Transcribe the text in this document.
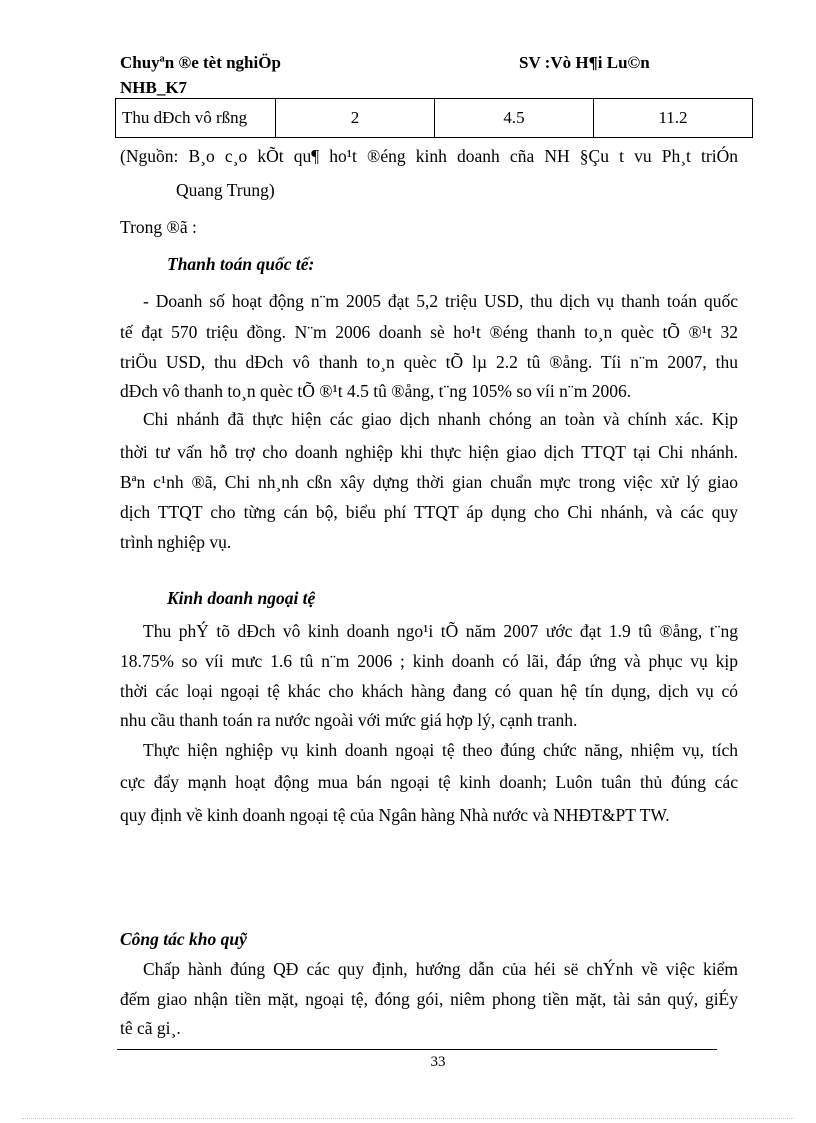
Chuyªn ®e tèt nghiÖp
NHB_K7
SV :Vò H¶i Lu©n
Thu dÐch vô rßng	2	4.5	11.2
(Nguồn: B¸o c¸o kÕt qu¶ ho¹t ®éng kinh doanh cña NH §Çu t vu Ph¸t triÓn
Quang Trung)
Trong ®ã :
Thanh toán quốc tế:
- Doanh số hoạt động n¨m 2005 đạt 5,2 triệu USD, thu dịch vụ thanh toán quốc
tế đạt 570 triệu đồng. N¨m 2006 doanh sè ho¹t ®éng thanh to¸n quèc tÕ ®¹t 32
triÖu USD, thu dÐch vô thanh to¸n quèc tÕ lµ 2.2 tû ®ång. Tíi n¨m 2007, thu
dÐch vô thanh to¸n quèc tÕ ®¹t 4.5 tû ®ång, t¨ng 105% so víi n¨m 2006.
Chi nhánh đã thực hiện các giao dịch nhanh chóng an toàn và chính xác. Kịp
thời tư vấn hỗ trợ cho doanh nghiệp khi thực hiện giao dịch TTQT tại Chi nhánh.
Bªn c¹nh ®ã, Chi nh¸nh cßn xây dựng thời gian chuẩn mực trong việc xử lý giao
dịch TTQT cho từng cán bộ, biểu phí TTQT áp dụng cho Chi nhánh, và các quy
trình nghiệp vụ.
Kinh doanh ngoại tệ
Thu phÝ tõ dÐch vô kinh doanh ngo¹i tÕ năm 2007 ước đạt 1.9 tû ®ång, t¨ng
18.75% so víi mưc 1.6 tû n¨m 2006 ; kinh doanh có lãi, đáp ứng và phục vụ kịp
thời các loại ngoại tệ khác cho khách hàng đang có quan hệ tín dụng, dịch vụ có
nhu cầu thanh toán ra nước ngoài với mức giá hợp lý, cạnh tranh.
Thực hiện nghiệp vụ kinh doanh ngoại tệ theo đúng chức năng, nhiệm vụ, tích
cực đẩy mạnh hoạt động mua bán ngoại tệ kinh doanh; Luôn tuân thủ đúng các
quy định về kinh doanh ngoại tệ của Ngân hàng Nhà nước và NHĐT&PT TW.
Công tác kho quỹ
Chấp hành đúng QĐ các quy định, hướng dẫn của héi së chÝnh về việc kiểm
đếm giao nhận tiền mặt, ngoại tệ, đóng gói, niêm phong tiền mặt, tài sản quý, giÉy
tê cã gi¸.
33
